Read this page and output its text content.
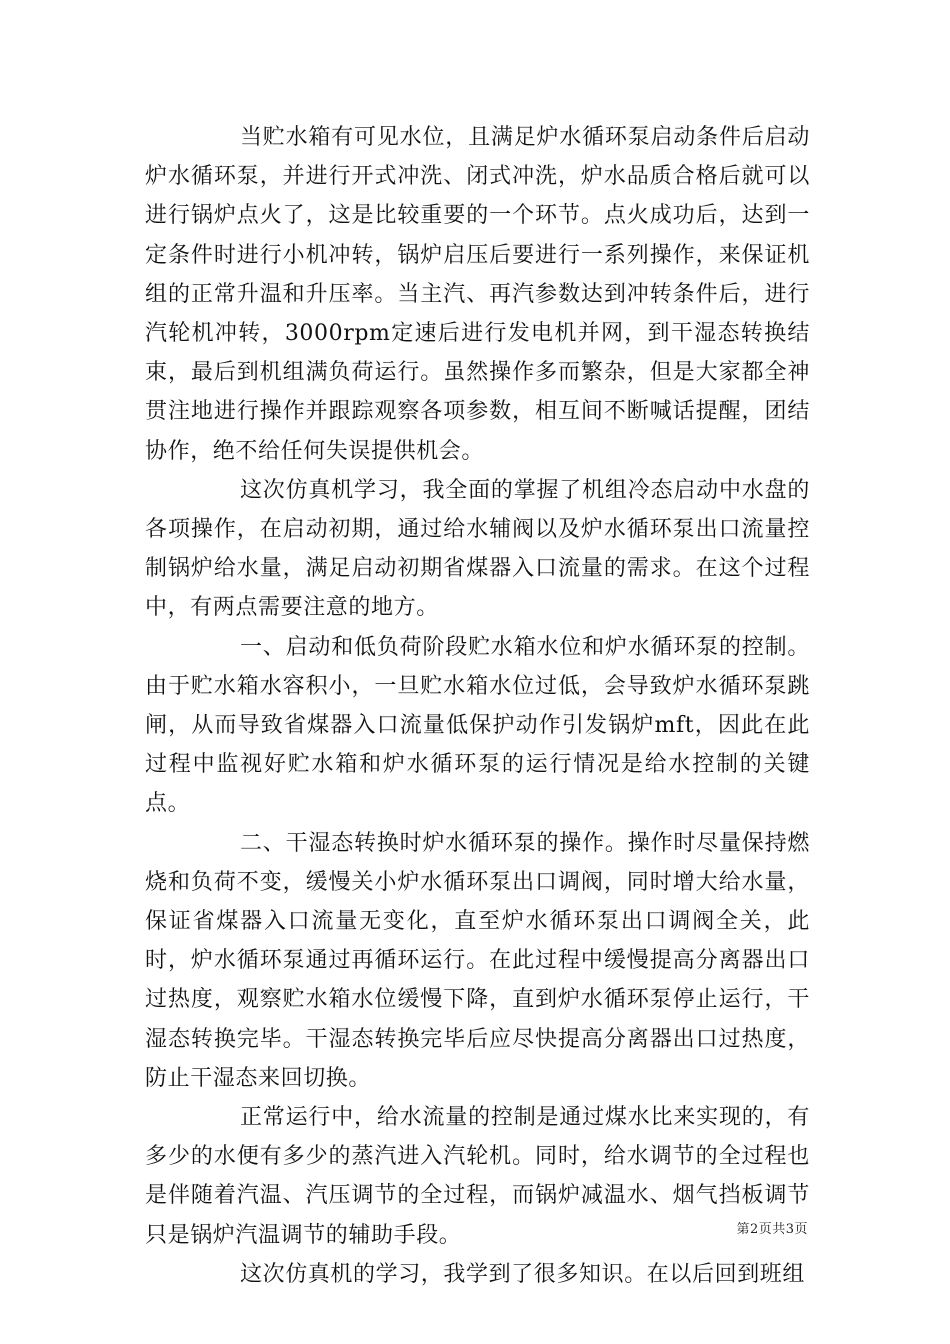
当贮水箱有可见水位，且满足炉水循环泵启动条件后启动炉水循环泵，并进行开式冲洗、闭式冲洗，炉水品质合格后就可以进行锅炉点火了，这是比较重要的一个环节。点火成功后，达到一定条件时进行小机冲转，锅炉启压后要进行一系列操作，来保证机组的正常升温和升压率。当主汽、再汽参数达到冲转条件后，进行汽轮机冲转，3000rpm定速后进行发电机并网，到干湿态转换结束，最后到机组满负荷运行。虽然操作多而繁杂，但是大家都全神贯注地进行操作并跟踪观察各项参数，相互间不断喊话提醒，团结协作，绝不给任何失误提供机会。

这次仿真机学习，我全面的掌握了机组冷态启动中水盘的各项操作，在启动初期，通过给水辅阀以及炉水循环泵出口流量控制锅炉给水量，满足启动初期省煤器入口流量的需求。在这个过程中，有两点需要注意的地方。

一、启动和低负荷阶段贮水箱水位和炉水循环泵的控制。由于贮水箱水容积小，一旦贮水箱水位过低，会导致炉水循环泵跳闸，从而导致省煤器入口流量低保护动作引发锅炉mft，因此在此过程中监视好贮水箱和炉水循环泵的运行情况是给水控制的关键点。

二、干湿态转换时炉水循环泵的操作。操作时尽量保持燃烧和负荷不变，缓慢关小炉水循环泵出口调阀，同时增大给水量，保证省煤器入口流量无变化，直至炉水循环泵出口调阀全关，此时，炉水循环泵通过再循环运行。在此过程中缓慢提高分离器出口过热度，观察贮水箱水位缓慢下降，直到炉水循环泵停止运行，干湿态转换完毕。干湿态转换完毕后应尽快提高分离器出口过热度，防止干湿态来回切换。

正常运行中，给水流量的控制是通过煤水比来实现的，有多少的水便有多少的蒸汽进入汽轮机。同时，给水调节的全过程也是伴随着汽温、汽压调节的全过程，而锅炉减温水、烟气挡板调节只是锅炉汽温调节的辅助手段。

这次仿真机的学习，我学到了很多知识。在以后回到班组

第2页共3页
